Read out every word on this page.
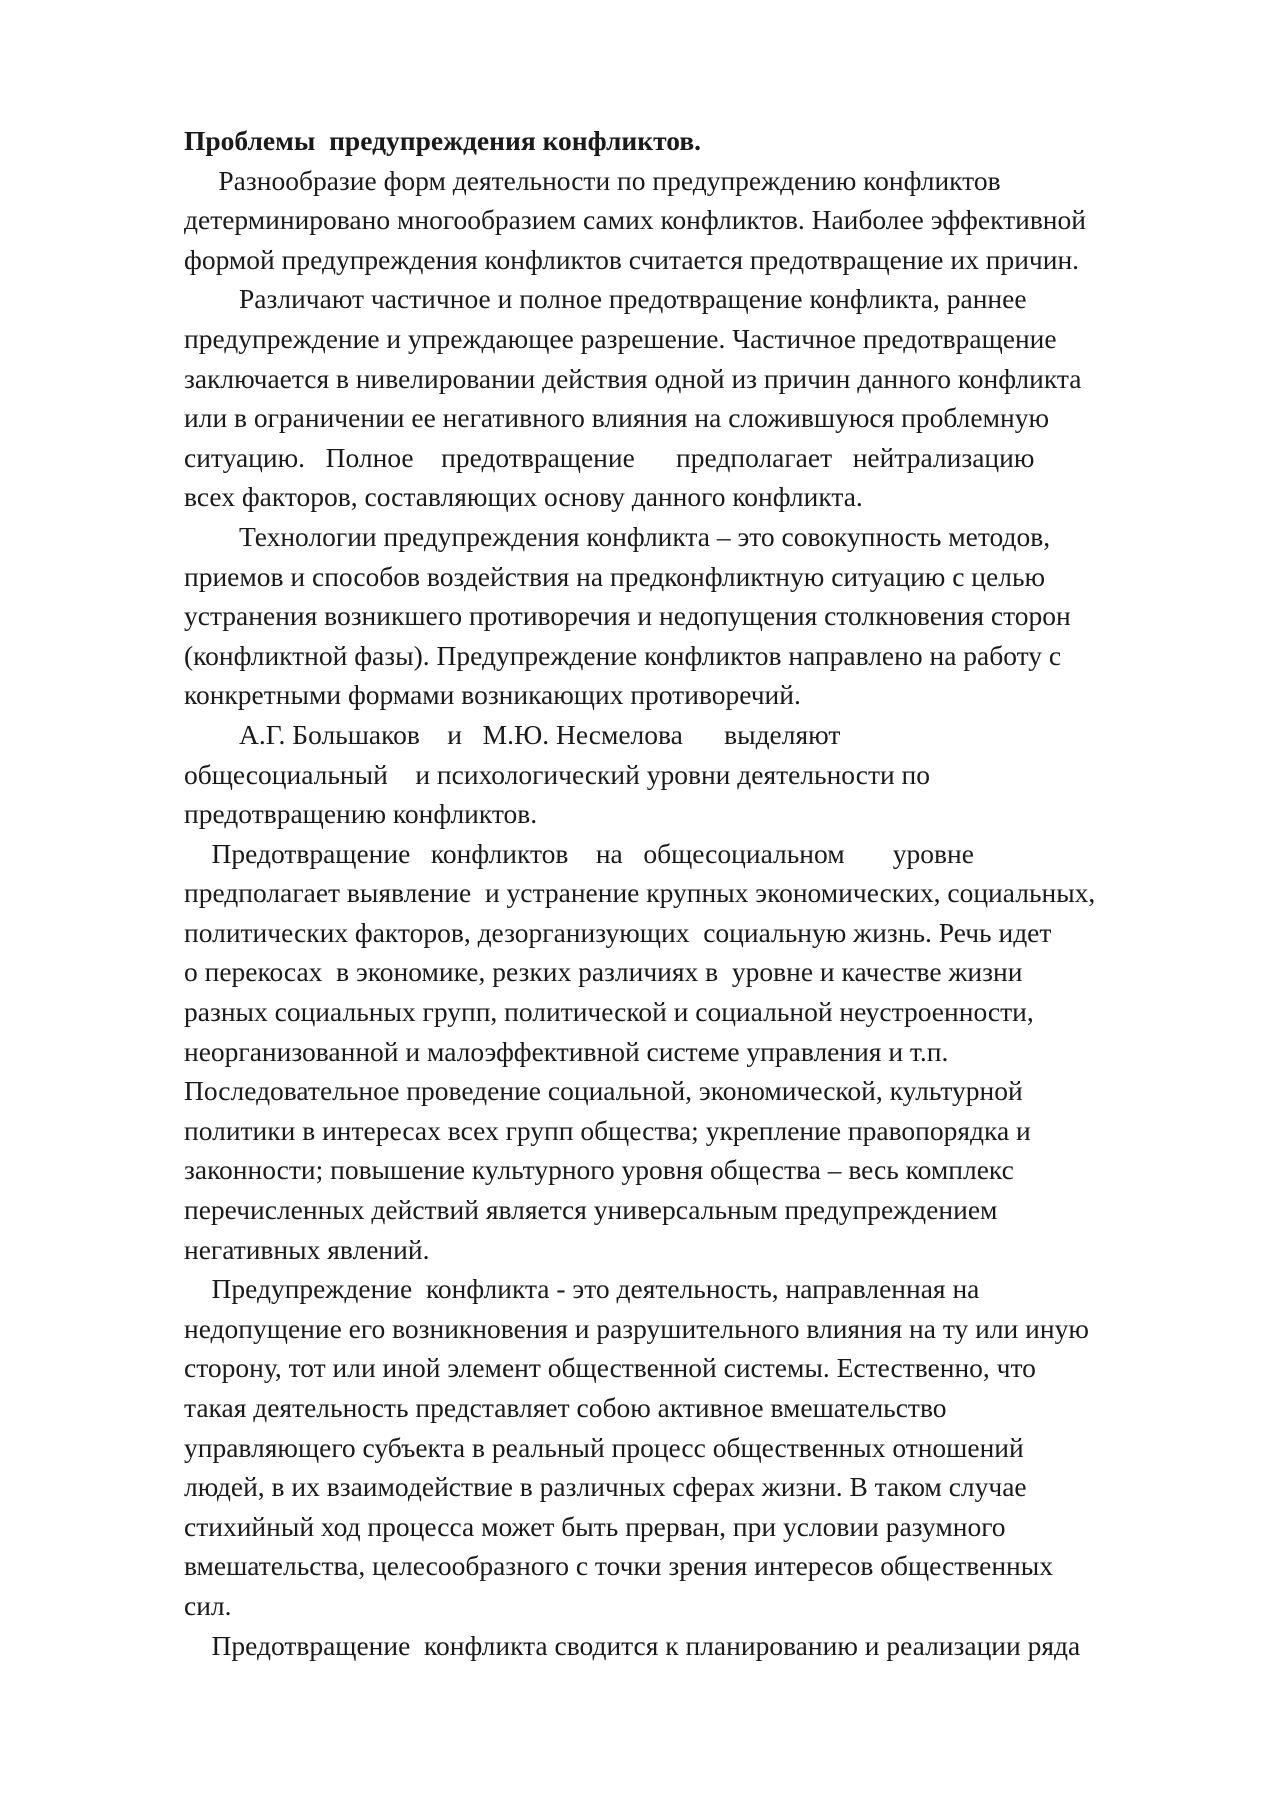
Проблемы  предупреждения конфликтов.
Разнообразие форм деятельности по предупреждению конфликтов
детерминировано многообразием самих конфликтов. Наиболее эффективной
формой предупреждения конфликтов считается предотвращение их причин.
Различают частичное и полное предотвращение конфликта, раннее
предупреждение и упреждающее разрешение. Частичное предотвращение
заключается в нивелировании действия одной из причин данного конфликта
или в ограничении ее негативного влияния на сложившуюся проблемную
ситуацию.   Полное    предотвращение      предполагает   нейтрализацию
всех факторов, составляющих основу данного конфликта.
Технологии предупреждения конфликта – это совокупность методов,
приемов и способов воздействия на предконфликтную ситуацию с целью
устранения возникшего противоречия и недопущения столкновения сторон
(конфликтной фазы). Предупреждение конфликтов направлено на работу с
конкретными формами возникающих противоречий.
А.Г. Большаков    и   М.Ю. Несмелова      выделяют
общесоциальный    и психологический уровни деятельности по
предотвращению конфликтов.
Предотвращение   конфликтов    на   общесоциальном       уровне
предполагает выявление  и устранение крупных экономических, социальных,
политических факторов, дезорганизующих  социальную жизнь. Речь идет
о перекосах  в экономике, резких различиях в  уровне и качестве жизни
разных социальных групп, политической и социальной неустроенности,
неорганизованной и малоэффективной системе управления и т.п.
Последовательное проведение социальной, экономической, культурной
политики в интересах всех групп общества; укрепление правопорядка и
законности; повышение культурного уровня общества – весь комплекс
перечисленных действий является универсальным предупреждением
негативных явлений.
Предупреждение  конфликта - это деятельность, направленная на
недопущение его возникновения и разрушительного влияния на ту или иную
сторону, тот или иной элемент общественной системы. Естественно, что
такая деятельность представляет собою активное вмешательство
управляющего субъекта в реальный процесс общественных отношений
людей, в их взаимодействие в различных сферах жизни. В таком случае
стихийный ход процесса может быть прерван, при условии разумного
вмешательства, целесообразного с точки зрения интересов общественных
сил.
Предотвращение  конфликта сводится к планированию и реализации ряда
